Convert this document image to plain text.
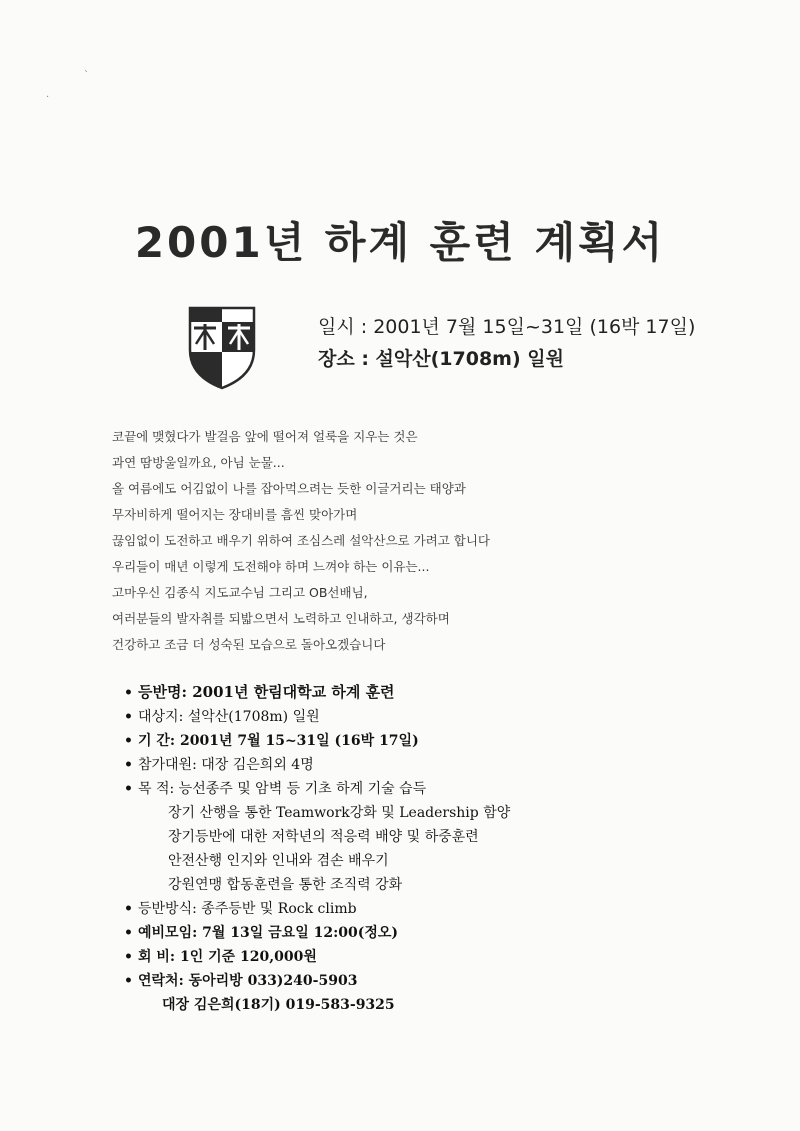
ˋ
·
2001년 하계 훈련 계획서
일시 : 2001년 7월 15일~31일 (16박 17일)
장소 : 설악산(1708m) 일원
코끝에 맺혔다가 발걸음 앞에 떨어져 얼룩을 지우는 것은
과연 땀방울일까요, 아님 눈물...
올 여름에도 어김없이 나를 잡아먹으려는 듯한 이글거리는 태양과
무자비하게 떨어지는 장대비를 흠씬 맞아가며
끊임없이 도전하고 배우기 위하여 조심스레 설악산으로 가려고 합니다
우리들이 매년 이렇게 도전해야 하며 느껴야 하는 이유는...
고마우신 김종식 지도교수님 그리고 OB선배님,
여러분들의 발자취를 되밟으면서 노력하고 인내하고, 생각하며
건강하고 조금 더 성숙된 모습으로 돌아오겠습니다
• 등반명: 2001년 한림대학교 하계 훈련
• 대상지: 설악산(1708m) 일원
• 기 간: 2001년 7월 15~31일 (16박 17일)
• 참가대원: 대장 김은희외 4명
• 목 적: 능선종주 및 암벽 등 기초 하계 기술 습득
장기 산행을 통한 Teamwork강화 및 Leadership 함양
장기등반에 대한 저학년의 적응력 배양 및 하중훈련
안전산행 인지와 인내와 겸손 배우기
강원연맹 합동훈련을 통한 조직력 강화
• 등반방식: 종주등반 및 Rock climb
• 예비모임: 7월 13일 금요일 12:00(정오)
• 회 비: 1인 기준 120,000원
• 연락처: 동아리방 033)240-5903
대장 김은희(18기) 019-583-9325
